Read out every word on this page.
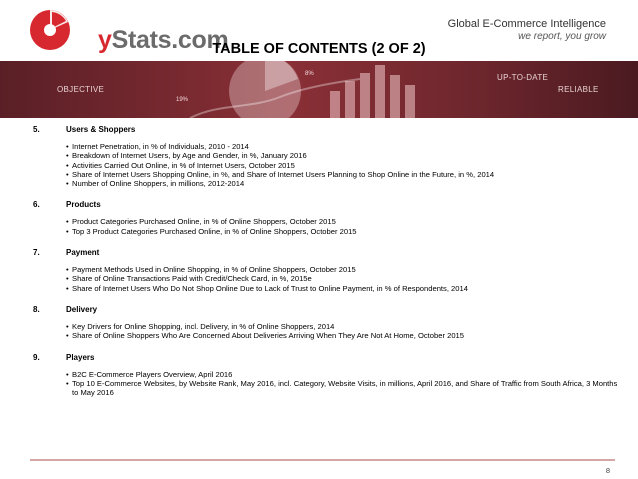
yStats.com
Global E-Commerce Intelligence
we report, you grow
TABLE OF CONTENTS (2 OF 2)
19%
8%
OBJECTIVE
UP-TO-DATE
RELIABLE
5.	Users & Shoppers
• Internet Penetration, in % of Individuals, 2010 - 2014
• Breakdown of Internet Users, by Age and Gender, in %, January 2016
• Activities Carried Out Online, in % of Internet Users, October 2015
• Share of Internet Users Shopping Online, in %, and Share of Internet Users Planning to Shop Online in the Future, in %, 2014
• Number of Online Shoppers, in millions, 2012-2014
6.	Products
• Product Categories Purchased Online, in % of Online Shoppers, October 2015
• Top 3 Product Categories Purchased Online, in % of Online Shoppers, October 2015
7.	Payment
• Payment Methods Used in Online Shopping, in % of Online Shoppers, October 2015
• Share of Online Transactions Paid with Credit/Check Card, in %, 2015e
• Share of Internet Users Who Do Not Shop Online Due to Lack of Trust to Online Payment, in % of Respondents, 2014
8.	Delivery
• Key Drivers for Online Shopping, incl. Delivery, in % of Online Shoppers, 2014
• Share of Online Shoppers Who Are Concerned About Deliveries Arriving When They Are Not At Home, October 2015
9.	Players
• B2C E-Commerce Players Overview, April 2016
• Top 10 E-Commerce Websites, by Website Rank, May 2016, incl. Category, Website Visits, in millions, April 2016, and Share of Traffic from South Africa, 3 Months to May 2016
8
